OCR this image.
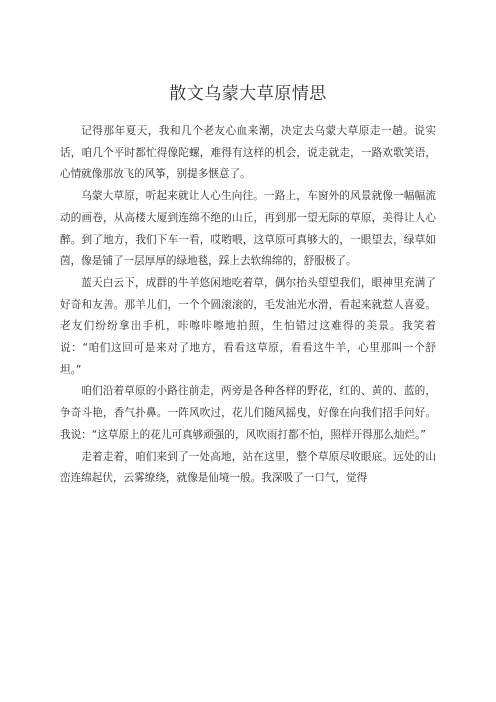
散文乌蒙大草原情思

记得那年夏天，我和几个老友心血来潮，决定去乌蒙大草原走一趟。说实话，咱几个平时都忙得像陀螺，难得有这样的机会，说走就走，一路欢歌笑语，心情就像那放飞的风筝，别提多惬意了。

乌蒙大草原，听起来就让人心生向往。一路上，车窗外的风景就像一幅幅流动的画卷，从高楼大厦到连绵不绝的山丘，再到那一望无际的草原，美得让人心醉。到了地方，我们下车一看，哎哟喂，这草原可真够大的，一眼望去，绿草如茵，像是铺了一层厚厚的绿地毯，踩上去软绵绵的，舒服极了。

蓝天白云下，成群的牛羊悠闲地吃着草，偶尔抬头望望我们，眼神里充满了好奇和友善。那羊儿们，一个个圆滚滚的，毛发油光水滑，看起来就惹人喜爱。老友们纷纷拿出手机，咔嚓咔嚓地拍照，生怕错过这难得的美景。我笑着说：“咱们这回可是来对了地方，看看这草原，看看这牛羊，心里那叫一个舒坦。”

咱们沿着草原的小路往前走，两旁是各种各样的野花，红的、黄的、蓝的，争奇斗艳，香气扑鼻。一阵风吹过，花儿们随风摇曳，好像在向我们招手问好。我说：“这草原上的花儿可真够顽强的，风吹雨打都不怕，照样开得那么灿烂。”

走着走着，咱们来到了一处高地，站在这里，整个草原尽收眼底。远处的山峦连绵起伏，云雾缭绕，就像是仙境一般。我深吸了一口气，觉得
